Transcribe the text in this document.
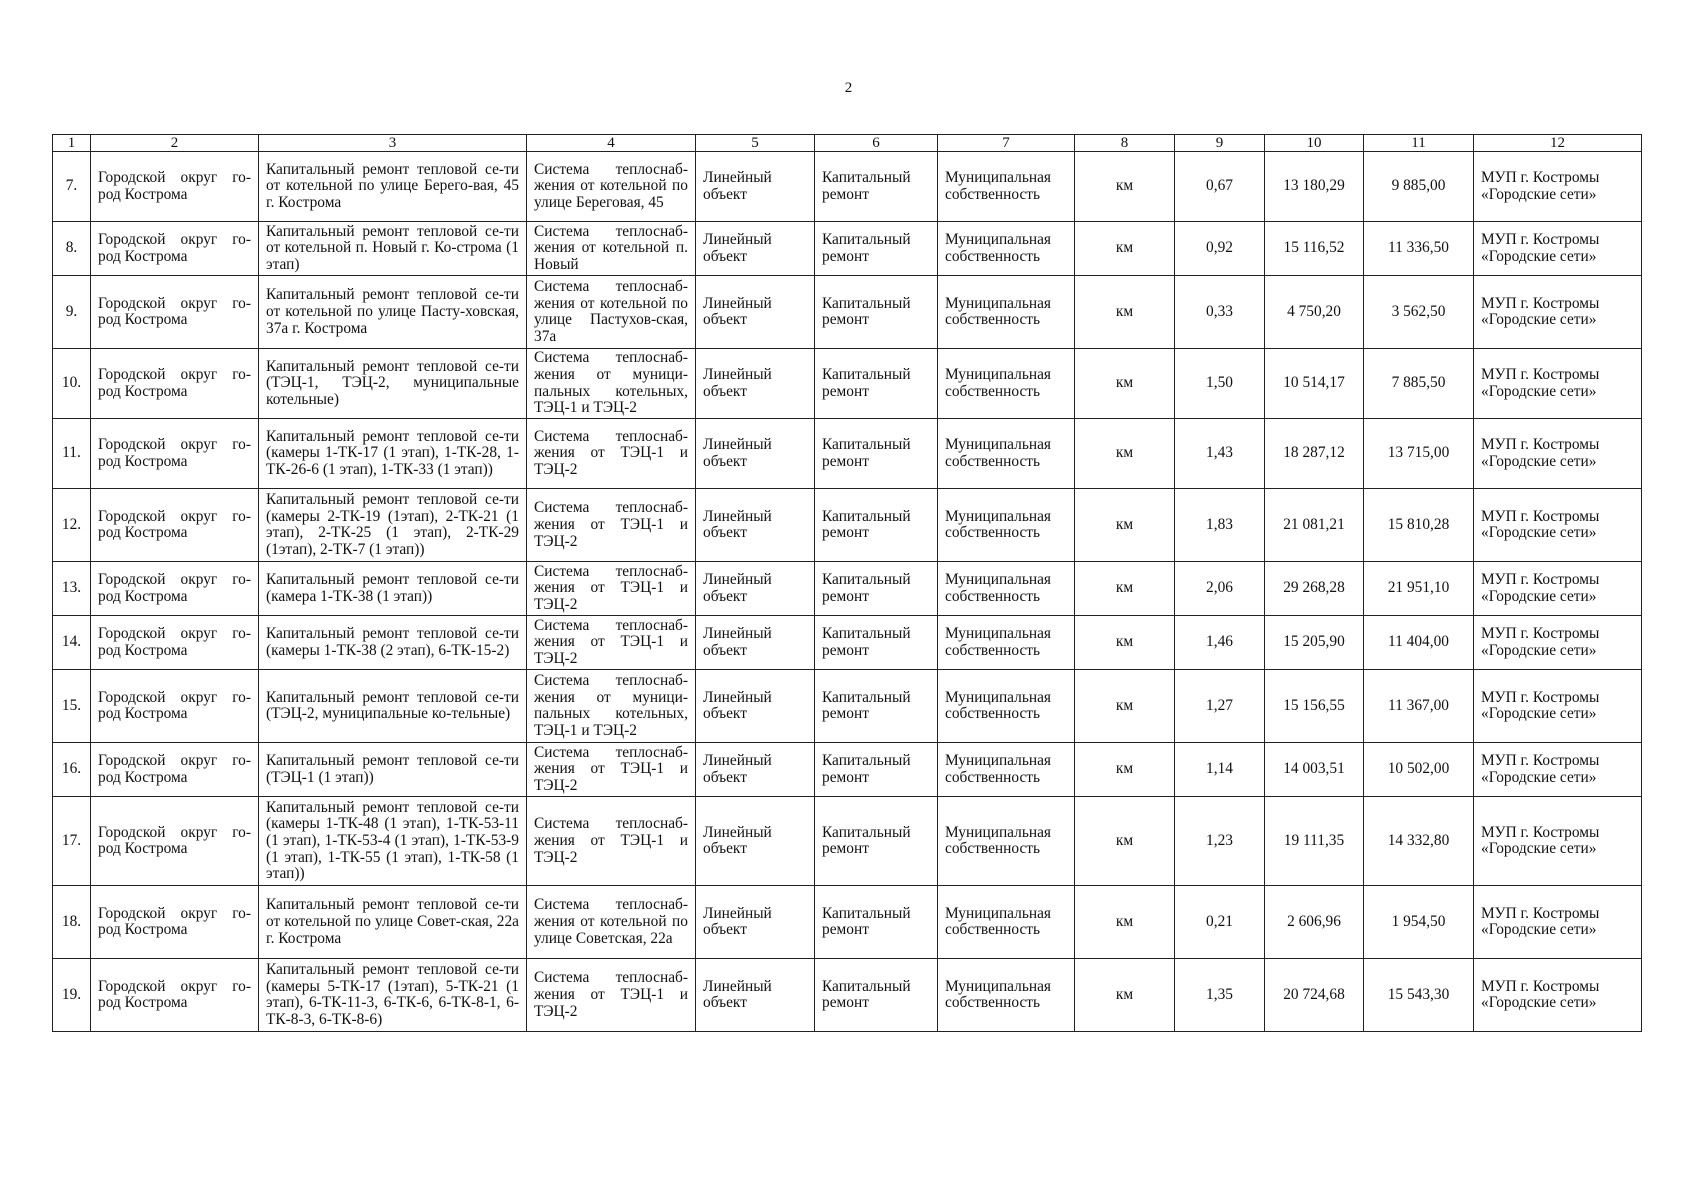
2
1	2	3	4	5	6	7	8	9	10	11	12
7.	Городской округ го-род Кострома	Капитальный ремонт тепловой се-ти от котельной по улице Берего-вая, 45 г. Кострома	Система теплоснаб-жения от котельной по улице Береговая, 45	Линейный объект	Капитальный ремонт	Муниципальная собственность	км	0,67	13 180,29	9 885,00	МУП г. Костромы «Городские сети»
8.	Городской округ го-род Кострома	Капитальный ремонт тепловой се-ти от котельной п. Новый г. Ко-строма (1 этап)	Система теплоснаб-жения от котельной п. Новый	Линейный объект	Капитальный ремонт	Муниципальная собственность	км	0,92	15 116,52	11 336,50	МУП г. Костромы «Городские сети»
9.	Городской округ го-род Кострома	Капитальный ремонт тепловой се-ти от котельной по улице Пасту-ховская, 37а г. Кострома	Система теплоснаб-жения от котельной по улице Пастухов-ская, 37а	Линейный объект	Капитальный ремонт	Муниципальная собственность	км	0,33	4 750,20	3 562,50	МУП г. Костромы «Городские сети»
10.	Городской округ го-род Кострома	Капитальный ремонт тепловой се-ти (ТЭЦ-1, ТЭЦ-2, муниципальные котельные)	Система теплоснаб-жения от муници-пальных котельных, ТЭЦ-1 и ТЭЦ-2	Линейный объект	Капитальный ремонт	Муниципальная собственность	км	1,50	10 514,17	7 885,50	МУП г. Костромы «Городские сети»
11.	Городской округ го-род Кострома	Капитальный ремонт тепловой се-ти (камеры 1-ТК-17 (1 этап), 1-ТК-28, 1-ТК-26-6 (1 этап), 1-ТК-33 (1 этап))	Система теплоснаб-жения от ТЭЦ-1 и ТЭЦ-2	Линейный объект	Капитальный ремонт	Муниципальная собственность	км	1,43	18 287,12	13 715,00	МУП г. Костромы «Городские сети»
12.	Городской округ го-род Кострома	Капитальный ремонт тепловой се-ти (камеры 2-ТК-19 (1этап), 2-ТК-21 (1 этап), 2-ТК-25 (1 этап), 2-ТК-29 (1этап), 2-ТК-7 (1 этап))	Система теплоснаб-жения от ТЭЦ-1 и ТЭЦ-2	Линейный объект	Капитальный ремонт	Муниципальная собственность	км	1,83	21 081,21	15 810,28	МУП г. Костромы «Городские сети»
13.	Городской округ го-род Кострома	Капитальный ремонт тепловой се-ти (камера 1-ТК-38 (1 этап))	Система теплоснаб-жения от ТЭЦ-1 и ТЭЦ-2	Линейный объект	Капитальный ремонт	Муниципальная собственность	км	2,06	29 268,28	21 951,10	МУП г. Костромы «Городские сети»
14.	Городской округ го-род Кострома	Капитальный ремонт тепловой се-ти (камеры 1-ТК-38 (2 этап), 6-ТК-15-2)	Система теплоснаб-жения от ТЭЦ-1 и ТЭЦ-2	Линейный объект	Капитальный ремонт	Муниципальная собственность	км	1,46	15 205,90	11 404,00	МУП г. Костромы «Городские сети»
15.	Городской округ го-род Кострома	Капитальный ремонт тепловой се-ти (ТЭЦ-2, муниципальные ко-тельные)	Система теплоснаб-жения от муници-пальных котельных, ТЭЦ-1 и ТЭЦ-2	Линейный объект	Капитальный ремонт	Муниципальная собственность	км	1,27	15 156,55	11 367,00	МУП г. Костромы «Городские сети»
16.	Городской округ го-род Кострома	Капитальный ремонт тепловой се-ти (ТЭЦ-1 (1 этап))	Система теплоснаб-жения от ТЭЦ-1 и ТЭЦ-2	Линейный объект	Капитальный ремонт	Муниципальная собственность	км	1,14	14 003,51	10 502,00	МУП г. Костромы «Городские сети»
17.	Городской округ го-род Кострома	Капитальный ремонт тепловой се-ти (камеры 1-ТК-48 (1 этап), 1-ТК-53-11 (1 этап), 1-ТК-53-4 (1 этап), 1-ТК-53-9 (1 этап), 1-ТК-55 (1 этап), 1-ТК-58 (1 этап))	Система теплоснаб-жения от ТЭЦ-1 и ТЭЦ-2	Линейный объект	Капитальный ремонт	Муниципальная собственность	км	1,23	19 111,35	14 332,80	МУП г. Костромы «Городские сети»
18.	Городской округ го-род Кострома	Капитальный ремонт тепловой се-ти от котельной по улице Совет-ская, 22а г. Кострома	Система теплоснаб-жения от котельной по улице Советская, 22а	Линейный объект	Капитальный ремонт	Муниципальная собственность	км	0,21	2 606,96	1 954,50	МУП г. Костромы «Городские сети»
19.	Городской округ го-род Кострома	Капитальный ремонт тепловой се-ти (камеры 5-ТК-17 (1этап), 5-ТК-21 (1 этап), 6-ТК-11-3, 6-ТК-6, 6-ТК-8-1, 6-ТК-8-3, 6-ТК-8-6)	Система теплоснаб-жения от ТЭЦ-1 и ТЭЦ-2	Линейный объект	Капитальный ремонт	Муниципальная собственность	км	1,35	20 724,68	15 543,30	МУП г. Костромы «Городские сети»
